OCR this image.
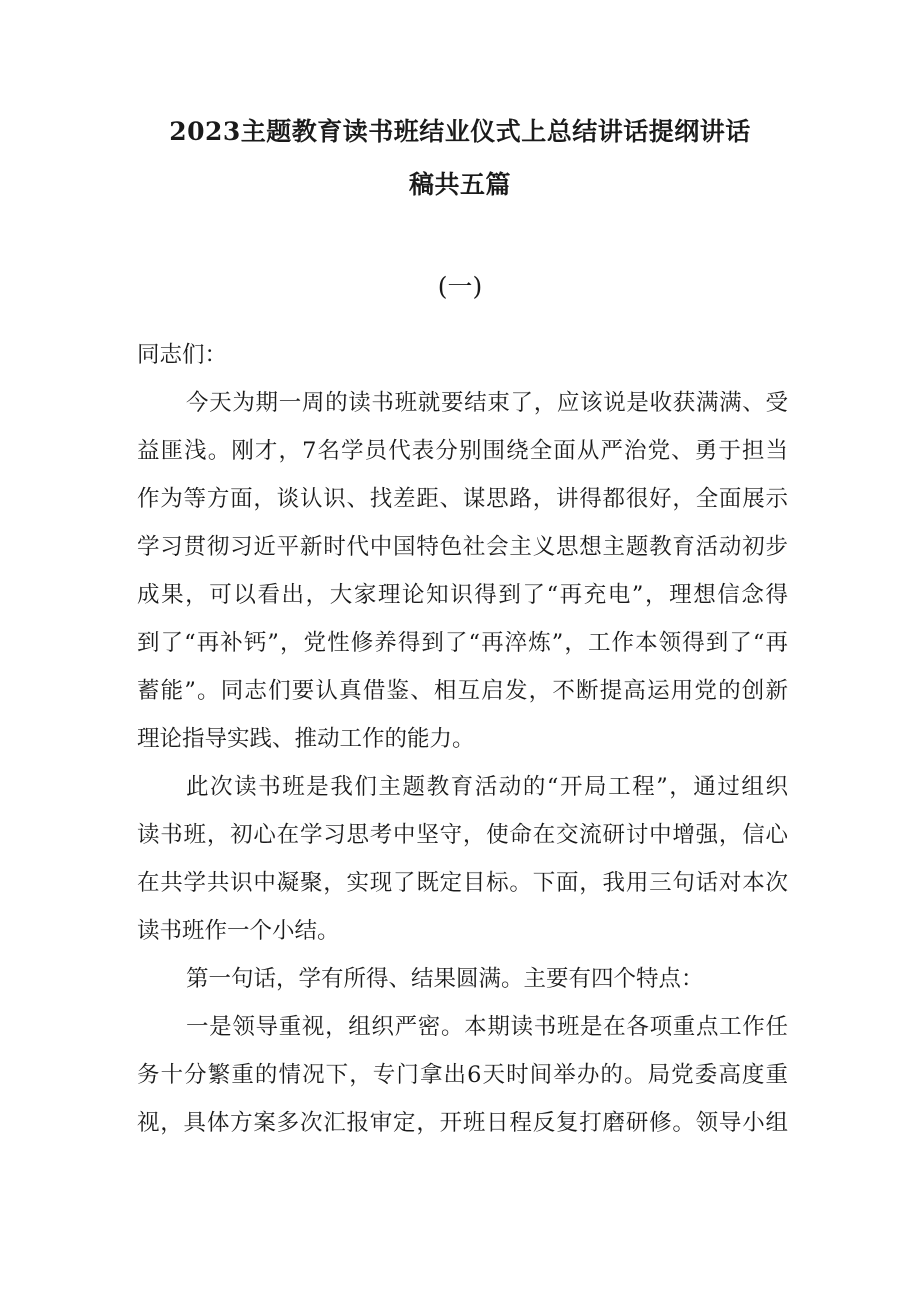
2023主题教育读书班结业仪式上总结讲话提纲讲话
稿共五篇

(一)

同志们：

今天为期一周的读书班就要结束了，应该说是收获满满、受

益匪浅。刚才，7名学员代表分别围绕全面从严治党、勇于担当

作为等方面，谈认识、找差距、谋思路，讲得都很好，全面展示

学习贯彻习近平新时代中国特色社会主义思想主题教育活动初步

成果，可以看出，大家理论知识得到了“再充电”，理想信念得

到了“再补钙”，党性修养得到了“再淬炼”，工作本领得到了“再

蓄能”。同志们要认真借鉴、相互启发，不断提高运用党的创新

理论指导实践、推动工作的能力。

此次读书班是我们主题教育活动的“开局工程”，通过组织

读书班，初心在学习思考中坚守，使命在交流研讨中增强，信心

在共学共识中凝聚，实现了既定目标。下面，我用三句话对本次

读书班作一个小结。

第一句话，学有所得、结果圆满。主要有四个特点：

一是领导重视，组织严密。本期读书班是在各项重点工作任

务十分繁重的情况下，专门拿出6天时间举办的。局党委高度重

视，具体方案多次汇报审定，开班日程反复打磨研修。领导小组
